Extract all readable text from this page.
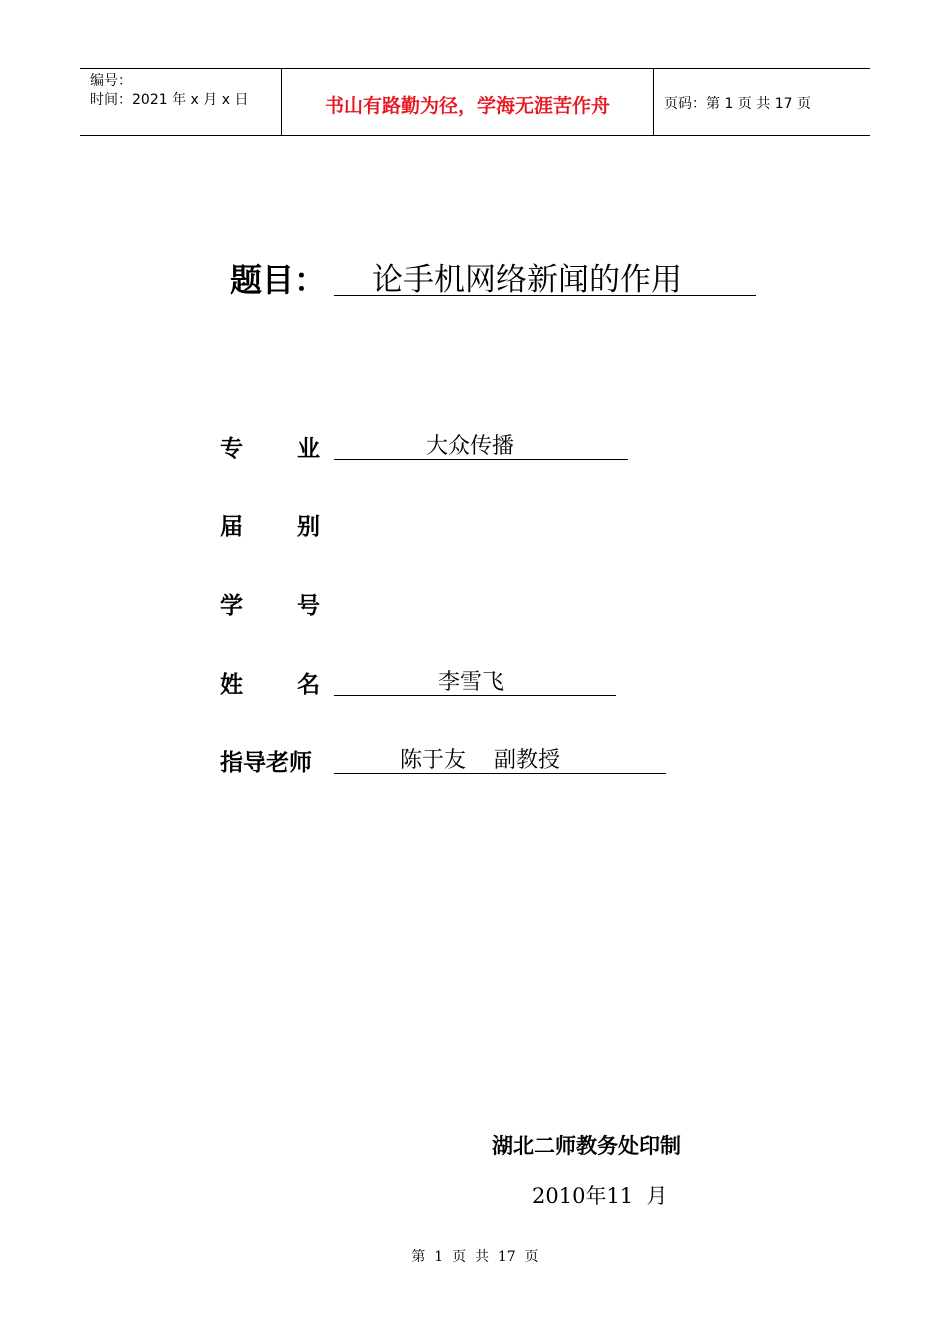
编号：
时间：2021 年 x 月 x 日	书山有路勤为径，学海无涯苦作舟	页码：第 1 页 共 17 页
题目：	论手机网络新闻的作用
专业	大众传播
届别
学号
姓名	李雪飞
指导老师	陈于友    副教授
湖北二师教务处印制
2010年11  月
第  1  页  共  17  页
